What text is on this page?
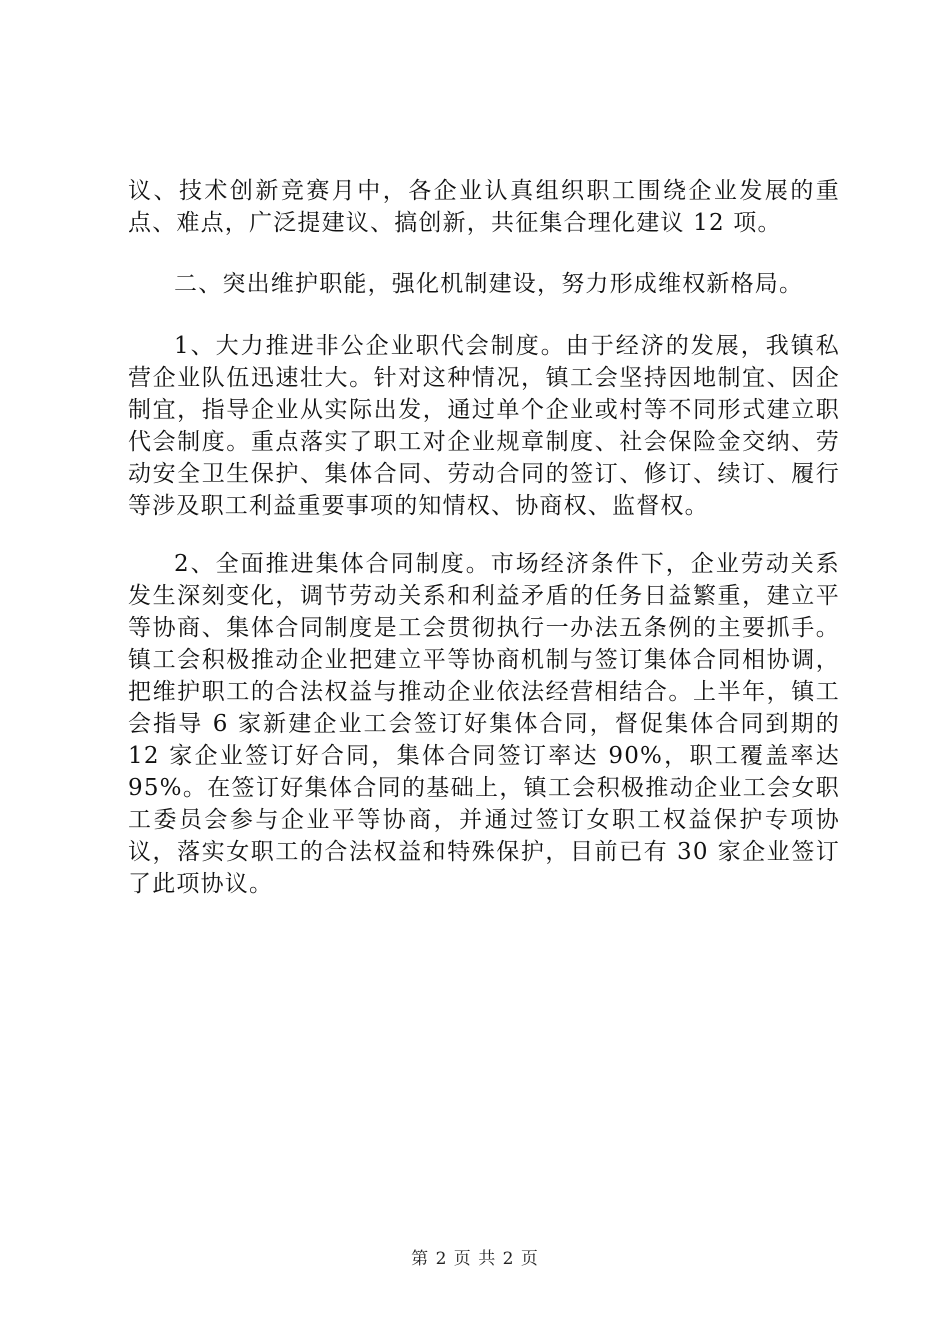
议、技术创新竞赛月中，各企业认真组织职工围绕企业发展的重点、难点，广泛提建议、搞创新，共征集合理化建议 12 项。

二、突出维护职能，强化机制建设，努力形成维权新格局。

1、大力推进非公企业职代会制度。由于经济的发展，我镇私营企业队伍迅速壮大。针对这种情况，镇工会坚持因地制宜、因企制宜，指导企业从实际出发，通过单个企业或村等不同形式建立职代会制度。重点落实了职工对企业规章制度、社会保险金交纳、劳动安全卫生保护、集体合同、劳动合同的签订、修订、续订、履行等涉及职工利益重要事项的知情权、协商权、监督权。

2、全面推进集体合同制度。市场经济条件下，企业劳动关系发生深刻变化，调节劳动关系和利益矛盾的任务日益繁重，建立平等协商、集体合同制度是工会贯彻执行一办法五条例的主要抓手。镇工会积极推动企业把建立平等协商机制与签订集体合同相协调，把维护职工的合法权益与推动企业依法经营相结合。上半年，镇工会指导 6 家新建企业工会签订好集体合同，督促集体合同到期的 12 家企业签订好合同，集体合同签订率达 90%，职工覆盖率达 95%。在签订好集体合同的基础上，镇工会积极推动企业工会女职工委员会参与企业平等协商，并通过签订女职工权益保护专项协议，落实女职工的合法权益和特殊保护，目前已有 30 家企业签订了此项协议。

第 2 页 共 2 页
